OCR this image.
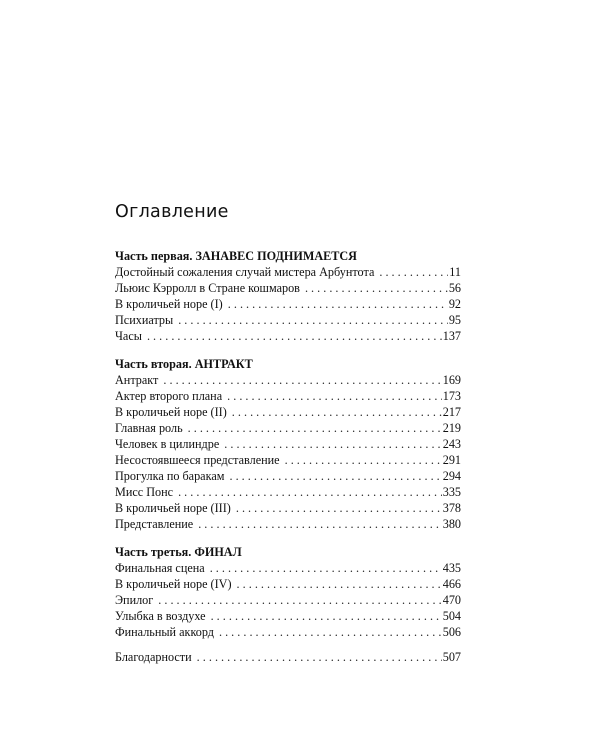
Оглавление
Часть первая. ЗАНАВЕС ПОДНИМАЕТСЯ
Достойный сожаления случай мистера Арбунтота . . .	11
Льюис Кэрролл в Стране кошмаров . . .	56
В кроличьей норе (I) . . .	92
Психиатры . . .	95
Часы . . .	137
Часть вторая. АНТРАКТ
Антракт . . .	169
Актер второго плана . . .	173
В кроличьей норе (II) . . .	217
Главная роль . . .	219
Человек в цилиндре . . .	243
Несостоявшееся представление . . .	291
Прогулка по баракам . . .	294
Мисс Понс . . .	335
В кроличьей норе (III) . . .	378
Представление . . .	380
Часть третья. ФИНАЛ
Финальная сцена . . .	435
В кроличьей норе (IV) . . .	466
Эпилог . . .	470
Улыбка в воздухе . . .	504
Финальный аккорд . . .	506
Благодарности . . .	507
